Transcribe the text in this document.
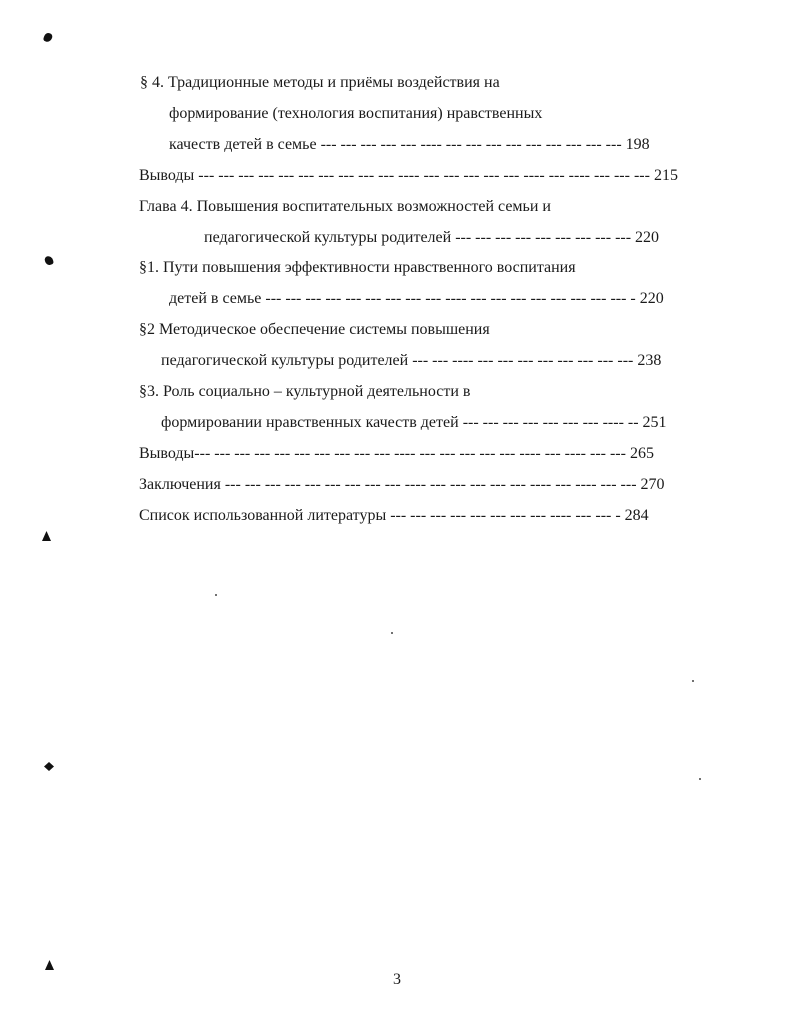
§ 4. Традиционные методы и приёмы воздействия на
формирование (технология воспитания) нравственных
качеств детей в семье --- --- --- --- --- ---- --- --- --- --- --- --- --- --- --- 198
Выводы --- --- --- --- --- --- --- --- --- --- ---- --- --- --- --- --- ---- --- ---- --- --- --- 215
Глава 4. Повышения воспитательных возможностей семьи и
педагогической культуры родителей --- --- --- --- --- --- --- --- --- 220
§1. Пути повышения эффективности нравственного воспитания
детей в семье --- --- --- --- --- --- --- --- --- ---- --- --- --- --- --- --- --- --- - 220
§2 Методическое обеспечение системы повышения
педагогической культуры родителей --- --- ---- --- --- --- --- --- --- --- --- 238
§3. Роль социально – культурной деятельности в
формировании нравственных качеств детей --- --- --- --- --- --- --- ---- -- 251
Выводы--- --- --- --- --- --- --- --- --- --- ---- --- --- --- --- --- ---- --- ---- --- --- 265
Заключения --- --- --- --- --- --- --- --- --- ---- --- --- --- --- --- ---- --- ---- --- --- 270
Список использованной литературы --- --- --- --- --- --- --- --- ---- --- --- - 284
3
